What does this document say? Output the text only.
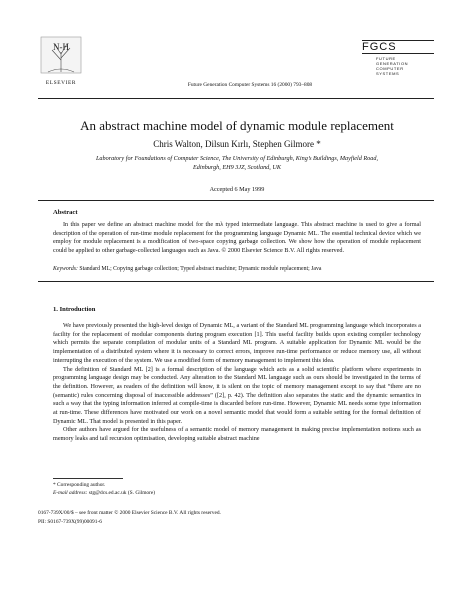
N-H
ELSEVIER	Future Generation Computer Systems 16 (2000) 793–808
FGCS
FUTURE
GENERATION
COMPUTER
SYSTEMS
An abstract machine model of dynamic module replacement
Chris Walton, Dilsun Kırlı, Stephen Gilmore *
Laboratory for Foundations of Computer Science, The University of Edinburgh, King’s Buildings, Mayfield Road,
Edinburgh, EH9 3JZ, Scotland, UK
Accepted 6 May 1999
Abstract
In this paper we define an abstract machine model for the mλ typed intermediate language. This abstract machine is used to give a formal description of the operation of run-time module replacement for the programming language Dynamic ML. The essential technical device which we employ for module replacement is a modification of two-space copying garbage collection. We show how the operation of module replacement could be applied to other garbage-collected languages such as Java. © 2000 Elsevier Science B.V. All rights reserved.
Keywords: Standard ML; Copying garbage collection; Typed abstract machine; Dynamic module replacement; Java
1. Introduction

We have previously presented the high-level design of Dynamic ML, a variant of the Standard ML programming language which incorporates a facility for the replacement of modular components during program execution [1]. This useful facility builds upon existing compiler technology which permits the separate compilation of modular units of a Standard ML program. A suitable application for Dynamic ML would be the implementation of a distributed system where it is necessary to correct errors, improve run-time performance or reduce memory use, all without interrupting the execution of the system. We use a modified form of memory management to implement this idea.

The definition of Standard ML [2] is a formal description of the language which acts as a solid scientific platform where experiments in programming language design may be conducted. Any alteration to the Standard ML language such as ours should be investigated in the terms of the definition. However, as readers of the definition will know, it is silent on the topic of memory management except to say that “there are no (semantic) rules concerning disposal of inaccessible addresses” ([2], p. 42). The definition also separates the static and the dynamic semantics in such a way that the typing information inferred at compile-time is discarded before run-time. However, Dynamic ML needs some type information at run-time. These differences have motivated our work on a novel semantic model that would form a suitable setting for the formal definition of Dynamic ML. That model is presented in this paper.

Other authors have argued for the usefulness of a semantic model of memory management in making precise implementation notions such as memory leaks and tail recursion optimisation, developing suitable abstract machine

* Corresponding author.
E-mail address: stg@dcs.ed.ac.uk (S. Gilmore)
0167-739X/00/$ – see front matter © 2000 Elsevier Science B.V. All rights reserved.
PII: S0167-739X(99)00091-6
